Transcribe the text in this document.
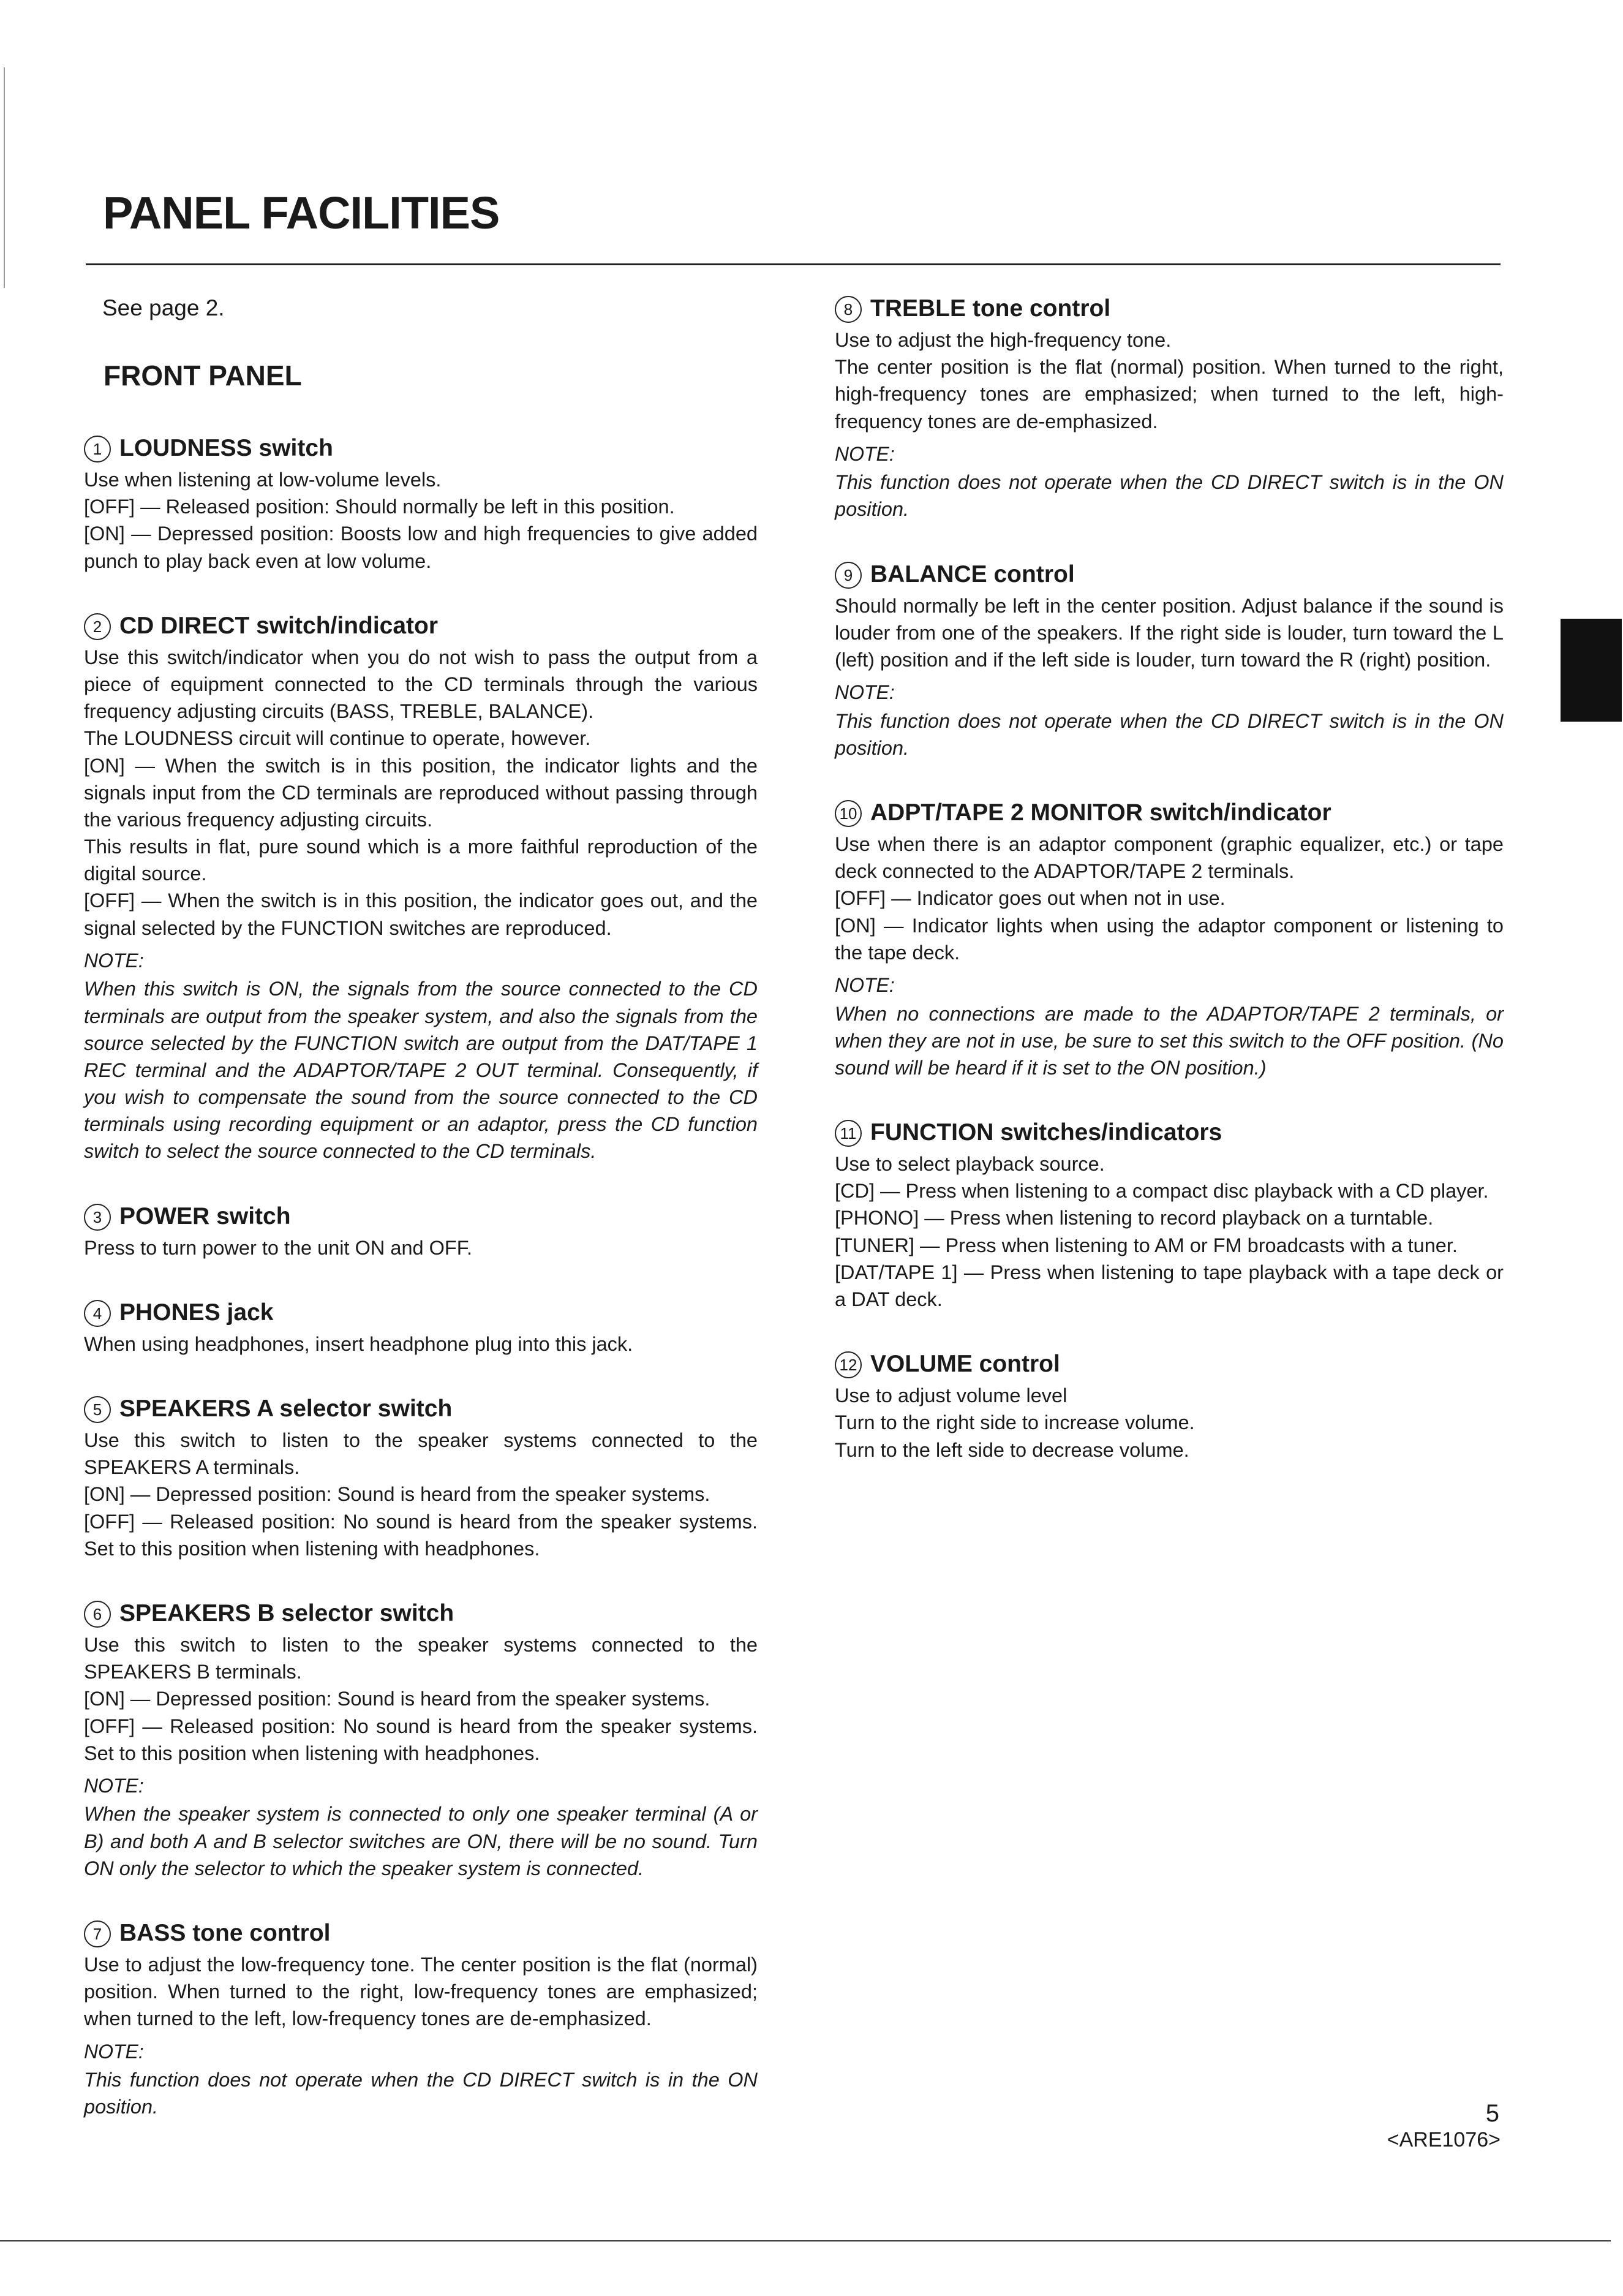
PANEL FACILITIES

See page 2.

FRONT PANEL
1 LOUDNESS switch

Use when listening at low-volume levels.

[OFF] — Released position: Should normally be left in this position.

[ON] — Depressed position: Boosts low and high frequencies to give added punch to play back even at low volume.

2 CD DIRECT switch/indicator

Use this switch/indicator when you do not wish to pass the output from a piece of equipment connected to the CD terminals through the various frequency adjusting circuits (BASS, TREBLE, BALANCE).

The LOUDNESS circuit will continue to operate, however.

[ON] — When the switch is in this position, the indicator lights and the signals input from the CD terminals are reproduced without passing through the various frequency adjusting circuits.

This results in flat, pure sound which is a more faithful reproduction of the digital source.

[OFF] — When the switch is in this position, the indicator goes out, and the signal selected by the FUNCTION switches are reproduced.

NOTE:

When this switch is ON, the signals from the source connected to the CD terminals are output from the speaker system, and also the signals from the source selected by the FUNCTION switch are output from the DAT/TAPE 1 REC terminal and the ADAPTOR/TAPE 2 OUT terminal. Consequently, if you wish to compensate the sound from the source connected to the CD terminals using recording equipment or an adaptor, press the CD function switch to select the source connected to the CD terminals.

3 POWER switch

Press to turn power to the unit ON and OFF.

4 PHONES jack

When using headphones, insert headphone plug into this jack.

5 SPEAKERS A selector switch

Use this switch to listen to the speaker systems connected to the SPEAKERS A terminals.

[ON] — Depressed position: Sound is heard from the speaker systems.

[OFF] — Released position: No sound is heard from the speaker systems. Set to this position when listening with headphones.

6 SPEAKERS B selector switch

Use this switch to listen to the speaker systems connected to the SPEAKERS B terminals.

[ON] — Depressed position: Sound is heard from the speaker systems.

[OFF] — Released position: No sound is heard from the speaker systems. Set to this position when listening with headphones.

NOTE:

When the speaker system is connected to only one speaker terminal (A or B) and both A and B selector switches are ON, there will be no sound. Turn ON only the selector to which the speaker system is connected.

7 BASS tone control

Use to adjust the low-frequency tone. The center position is the flat (normal) position. When turned to the right, low-frequency tones are emphasized; when turned to the left, low-frequency tones are de-emphasized.

NOTE:

This function does not operate when the CD DIRECT switch is in the ON position.

8 TREBLE tone control

Use to adjust the high-frequency tone.

The center position is the flat (normal) position. When turned to the right, high-frequency tones are emphasized; when turned to the left, high-frequency tones are de-emphasized.

NOTE:

This function does not operate when the CD DIRECT switch is in the ON position.

9 BALANCE control

Should normally be left in the center position. Adjust balance if the sound is louder from one of the speakers. If the right side is louder, turn toward the L (left) position and if the left side is louder, turn toward the R (right) position.

NOTE:

This function does not operate when the CD DIRECT switch is in the ON position.

10 ADPT/TAPE 2 MONITOR switch/indicator

Use when there is an adaptor component (graphic equalizer, etc.) or tape deck connected to the ADAPTOR/TAPE 2 terminals.

[OFF] — Indicator goes out when not in use.

[ON] — Indicator lights when using the adaptor component or listening to the tape deck.

NOTE:

When no connections are made to the ADAPTOR/TAPE 2 terminals, or when they are not in use, be sure to set this switch to the OFF position. (No sound will be heard if it is set to the ON position.)

11 FUNCTION switches/indicators

Use to select playback source.

[CD] — Press when listening to a compact disc playback with a CD player.

[PHONO] — Press when listening to record playback on a turntable.

[TUNER] — Press when listening to AM or FM broadcasts with a tuner.

[DAT/TAPE 1] — Press when listening to tape playback with a tape deck or a DAT deck.

12 VOLUME control

Use to adjust volume level

Turn to the right side to increase volume.

Turn to the left side to decrease volume.

5
<ARE1076>
